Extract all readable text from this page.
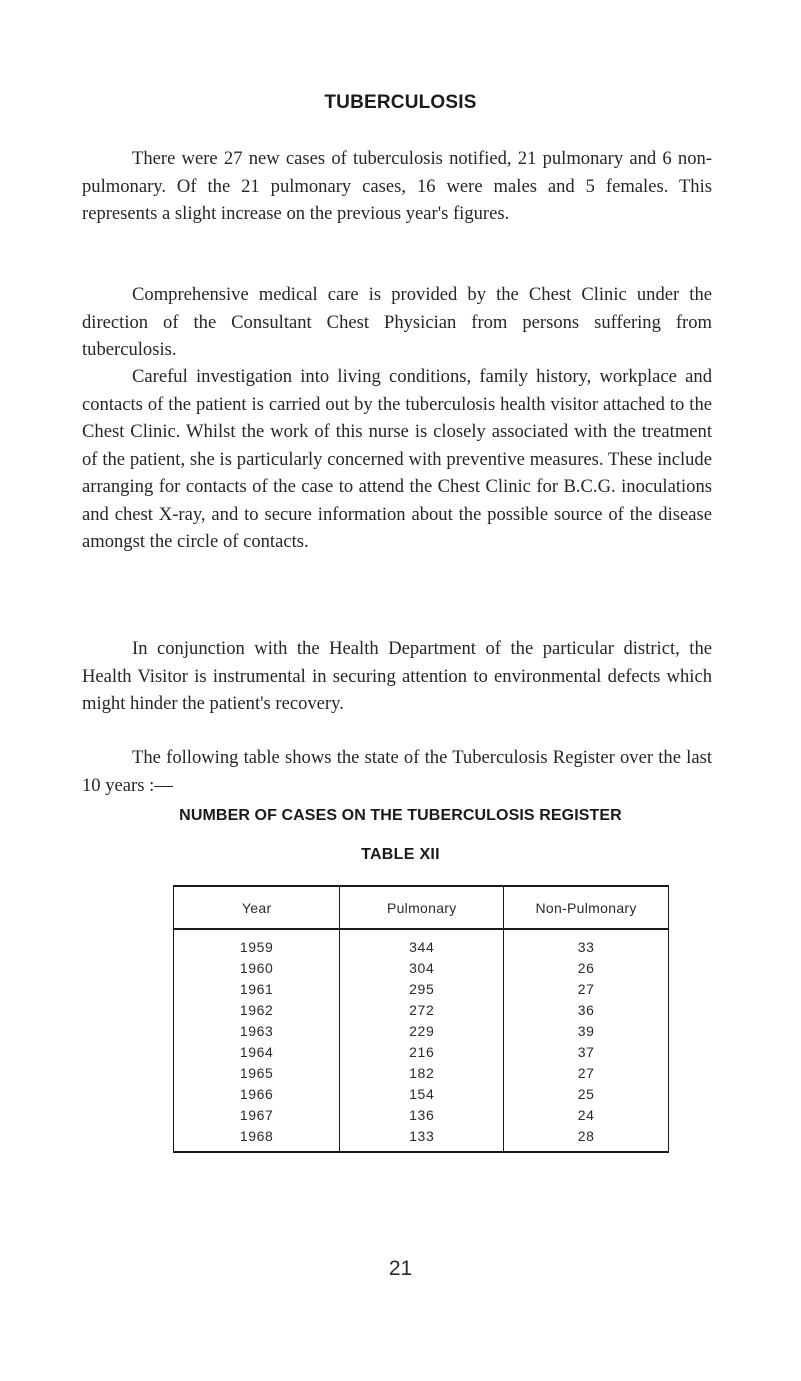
TUBERCULOSIS

There were 27 new cases of tuberculosis notified, 21 pulmonary and 6 non-pulmonary. Of the 21 pulmonary cases, 16 were males and 5 females. This represents a slight increase on the previous year's figures.

Comprehensive medical care is provided by the Chest Clinic under the direction of the Consultant Chest Physician from persons suffering from tuberculosis.

Careful investigation into living conditions, family history, workplace and contacts of the patient is carried out by the tuberculosis health visitor attached to the Chest Clinic. Whilst the work of this nurse is closely associated with the treatment of the patient, she is particularly concerned with preventive measures. These include arranging for contacts of the case to attend the Chest Clinic for B.C.G. inoculations and chest X-ray, and to secure information about the possible source of the disease amongst the circle of contacts.

In conjunction with the Health Department of the particular district, the Health Visitor is instrumental in securing attention to environmental defects which might hinder the patient's recovery.

The following table shows the state of the Tuberculosis Register over the last 10 years :—

NUMBER OF CASES ON THE TUBERCULOSIS REGISTER
TABLE XII
Year	Pulmonary	Non-Pulmonary
1959	344	33
1960	304	26
1961	295	27
1962	272	36
1963	229	39
1964	216	37
1965	182	27
1966	154	25
1967	136	24
1968	133	28
21
